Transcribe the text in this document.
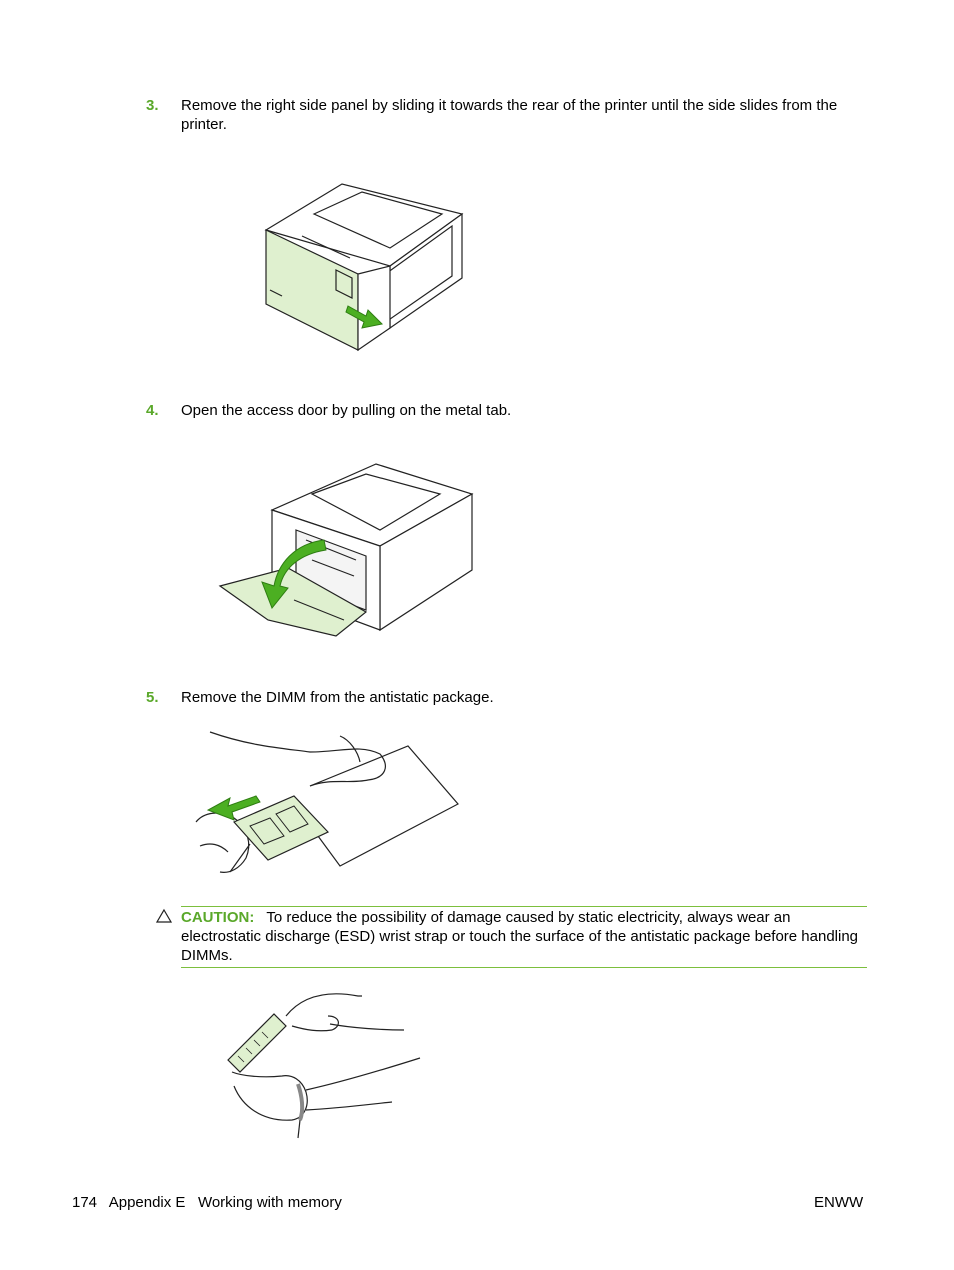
3. Remove the right side panel by sliding it towards the rear of the printer until the side slides from the printer.
4. Open the access door by pulling on the metal tab.
5. Remove the DIMM from the antistatic package.
CAUTION: To reduce the possibility of damage caused by static electricity, always wear an electrostatic discharge (ESD) wrist strap or touch the surface of the antistatic package before handling DIMMs.
174 Appendix E   Working with memory	ENWW
